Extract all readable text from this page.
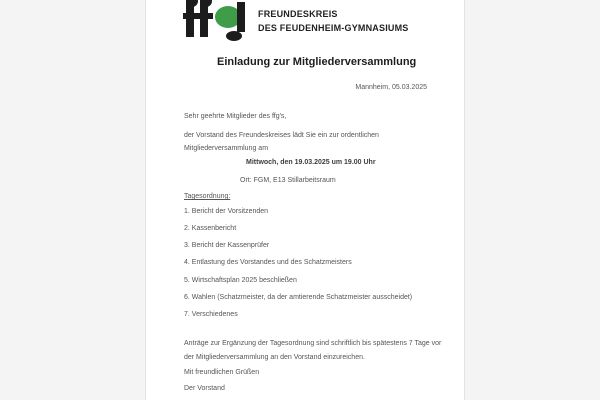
FREUNDESKREIS
DES FEUDENHEIM-GYMNASIUMS
Einladung zur Mitgliederversammlung
Mannheim, 05.03.2025
Sehr geehrte Mitglieder des ffg's,
der Vorstand des Freundeskreises lädt Sie ein zur ordentlichen
Mitgliederversammlung am
Mittwoch, den 19.03.2025 um 19.00 Uhr
Ort: FGM, E13 Stillarbeitsraum
Tagesordnung:
1. Bericht der Vorsitzenden
2. Kassenbericht
3. Bericht der Kassenprüfer
4. Entlastung des Vorstandes und des Schatzmeisters
5. Wirtschaftsplan 2025 beschließen
6. Wahlen (Schatzmeister, da der amtierende Schatzmeister ausscheidet)
7. Verschiedenes
Anträge zur Ergänzung der Tagesordnung sind schriftlich bis spätestens 7 Tage vor
der Mitgliederversammlung an den Vorstand einzureichen.
Mit freundlichen Grüßen
Der Vorstand
